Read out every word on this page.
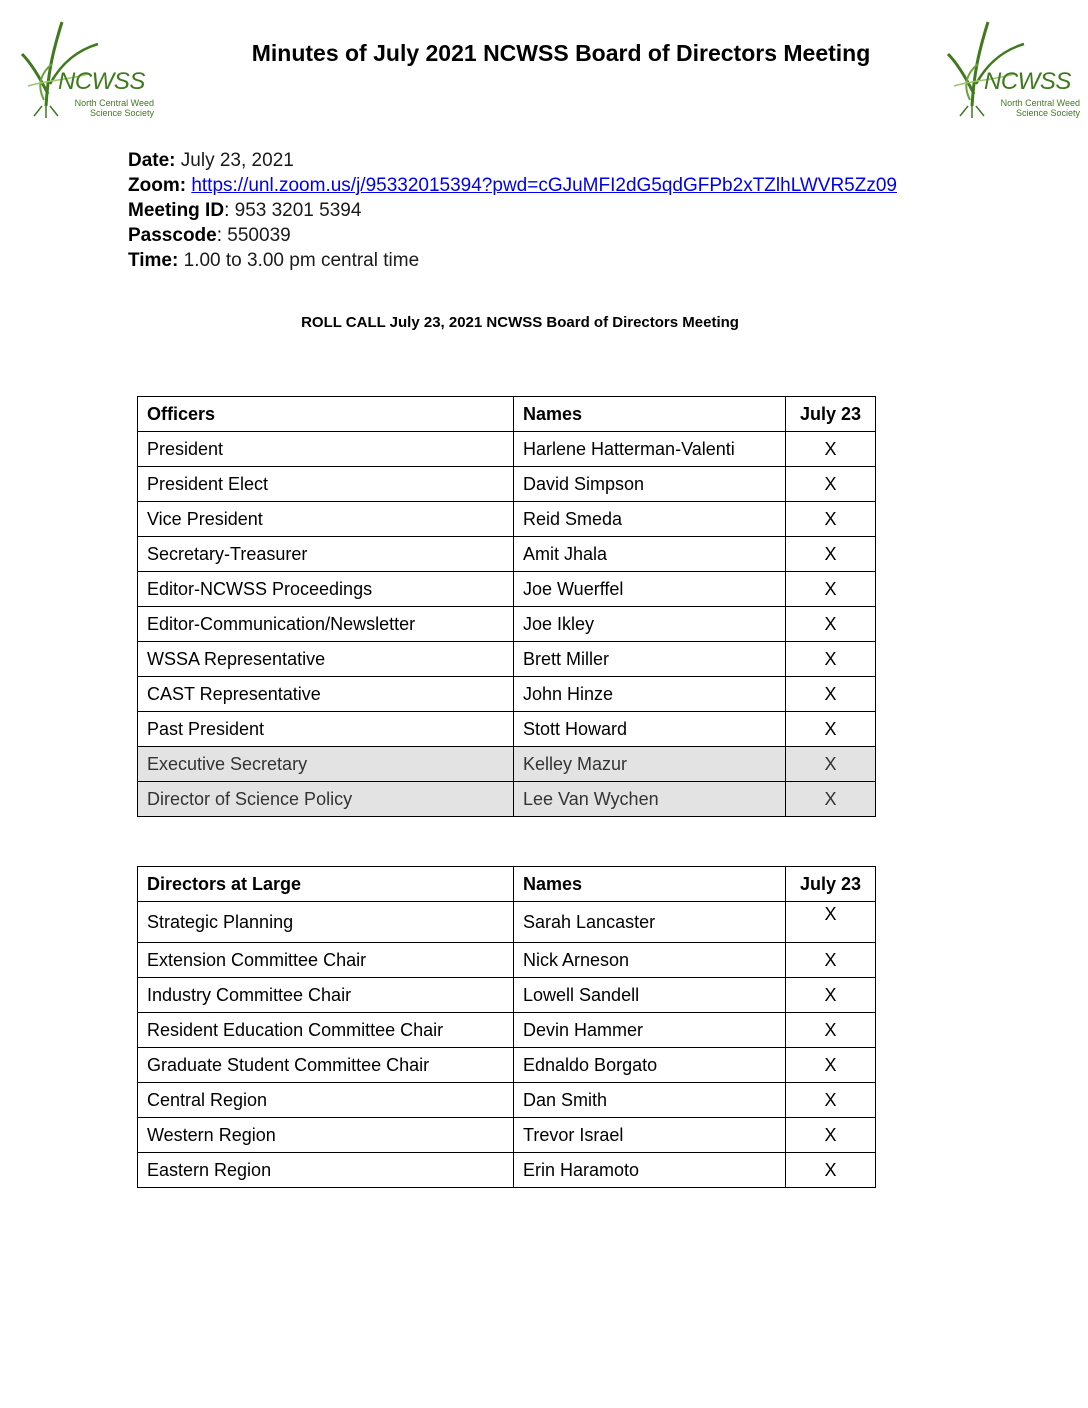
NCWSS
North Central Weed Science Society
NCWSS
North Central Weed Science Society
Minutes of July 2021 NCWSS Board of Directors Meeting
Date: July 23, 2021
Zoom: https://unl.zoom.us/j/95332015394?pwd=cGJuMFI2dG5qdGFPb2xTZlhLWVR5Zz09
Meeting ID: 953 3201 5394
Passcode: 550039
Time: 1.00 to 3.00 pm central time
ROLL CALL July 23, 2021 NCWSS Board of Directors Meeting
Officers	Names	July 23
President	Harlene Hatterman-Valenti	X
President Elect	David Simpson	X
Vice President	Reid Smeda	X
Secretary-Treasurer	Amit Jhala	X
Editor-NCWSS Proceedings	Joe Wuerffel	X
Editor-Communication/Newsletter	Joe Ikley	X
WSSA Representative	Brett Miller	X
CAST Representative	John Hinze	X
Past President	Stott Howard	X
Executive Secretary	Kelley Mazur	X
Director of Science Policy	Lee Van Wychen	X
Directors at Large	Names	July 23
Strategic Planning	Sarah Lancaster	X
Extension Committee Chair	Nick Arneson	X
Industry Committee Chair	Lowell Sandell	X
Resident Education Committee Chair	Devin Hammer	X
Graduate Student Committee Chair	Ednaldo Borgato	X
Central Region	Dan Smith	X
Western Region	Trevor Israel	X
Eastern Region	Erin Haramoto	X
